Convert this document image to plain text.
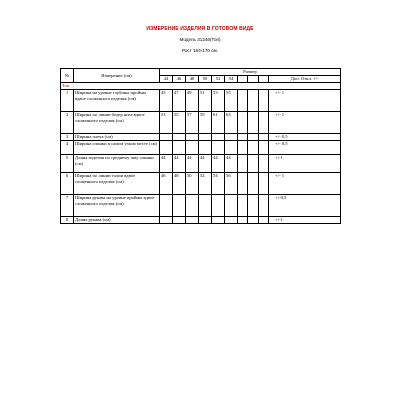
ИЗМЕРЕНИЕ ИЗДЕЛИЯ В ГОТОВОМ ВИДЕ
Модель 31246(Топ)
Рост 164-170 см.
№	Измерение (см)	Размер									
		44	46	48	50	52	54				Доп. Откл. +/-
Топ											
1	Ширина на уровне глубины проймы вдвое сложенного изделия (см)	45	47	49	51	53	55				+/- 1
2	Ширина по линии бедер низа вдвое сложенного изделия (см)	53	55	57	59	61	63				+/- 1
3	Ширина плеча (см)										+/- 0,5
4	Ширина спинки в самом узком месте (см)										+/- 0,5
5	Длина изделия по среднему шву спинки (см)	44	44	44	44	44	44				+/-1
6	Ширина по линии талии вдвое сложенного изделия (см)	46	48	50	52	54	56				+/- 1
7	Ширина рукава на уровне проймы вдвое сложенного изделия (см)										+/-0,5
8	Длина рукава (см)										+/-1
